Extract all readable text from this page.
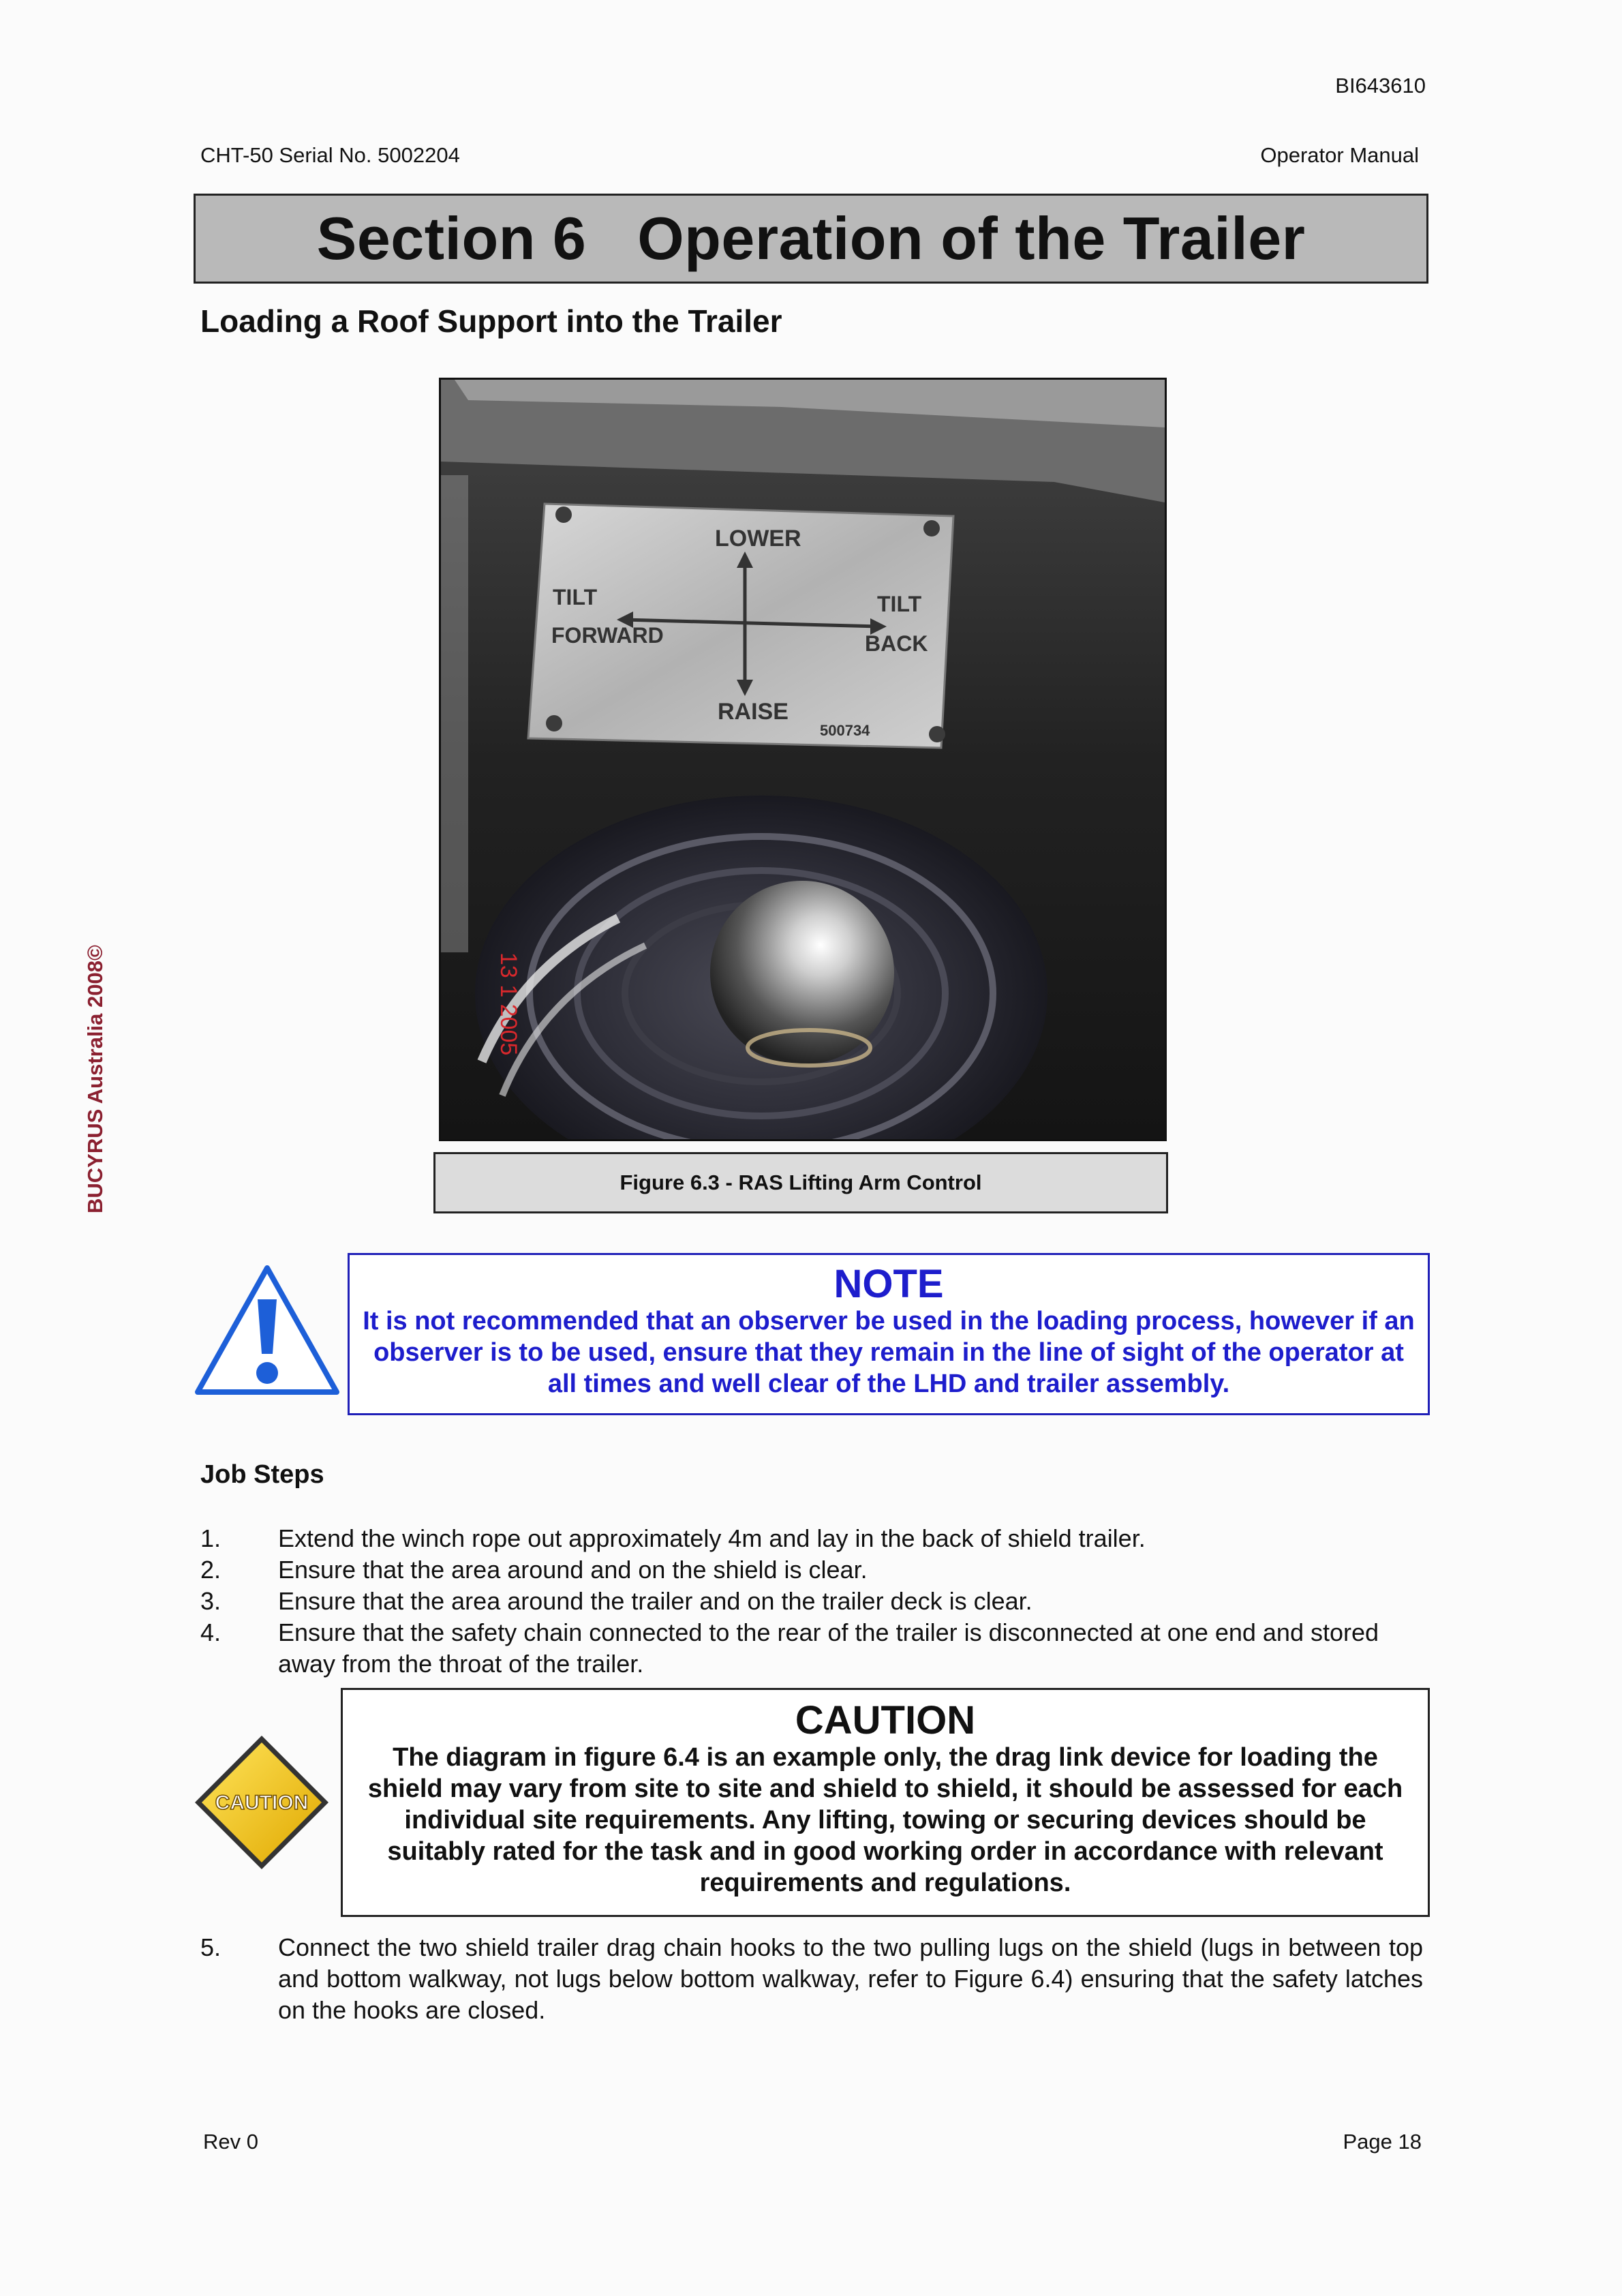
BI643610
CHT-50 Serial No. 5002204	Operator Manual
Section 6   Operation of the Trailer
Loading a Roof Support into the Trailer
LOWER
RAISE
TILT
FORWARD
TILT
BACK
500734
13 1 2005
Figure 6.3 - RAS Lifting Arm Control
BUCYRUS Australia 2008©
NOTE
It is not recommended that an observer be used in the loading process, however if an observer is to be used, ensure that they remain in the line of sight of the operator at all times and well clear of the LHD and trailer assembly.
Job Steps
1.	Extend the winch rope out approximately 4m and lay in the back of shield trailer.
2.	Ensure that the area around and on the shield is clear.
3.	Ensure that the area around the trailer and on the trailer deck is clear.
4.	Ensure that the safety chain connected to the rear of the trailer is disconnected at one end and stored away from the throat of the trailer.
CAUTION
CAUTION
The diagram in figure 6.4 is an example only, the drag link device for loading the shield may vary from site to site and shield to shield, it should be assessed for each individual site requirements. Any lifting, towing or securing devices should be suitably rated for the task and in good working order in accordance with relevant requirements and regulations.
5.	Connect the two shield trailer drag chain hooks to the two pulling lugs on the shield (lugs in between top and bottom walkway, not lugs below bottom walkway, refer to Figure 6.4) ensuring that the safety latches on the hooks are closed.
Rev 0	Page 18
